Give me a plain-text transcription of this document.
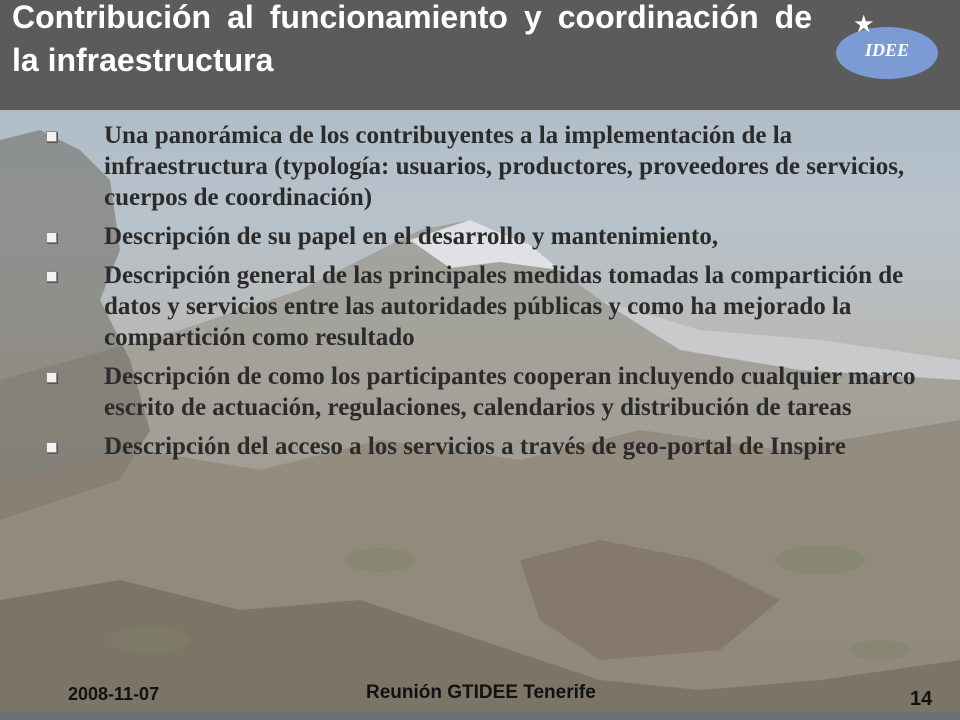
Contribución al funcionamiento y coordinación de la infraestructura
★
IDEE
Una panorámica de los contribuyentes a la implementación de la infraestructura (typología: usuarios, productores, proveedores de servicios, cuerpos de coordinación)
Descripción de su papel en el desarrollo y mantenimiento,
Descripción general de las principales medidas tomadas la compartición de datos y servicios entre las autoridades públicas y como ha mejorado la compartición como resultado
Descripción de como los participantes cooperan incluyendo cualquier marco escrito de actuación, regulaciones, calendarios y distribución de tareas
Descripción del acceso a los servicios a través de geo-portal de Inspire
2008-11-07	Reunión GTIDEE Tenerife	14
